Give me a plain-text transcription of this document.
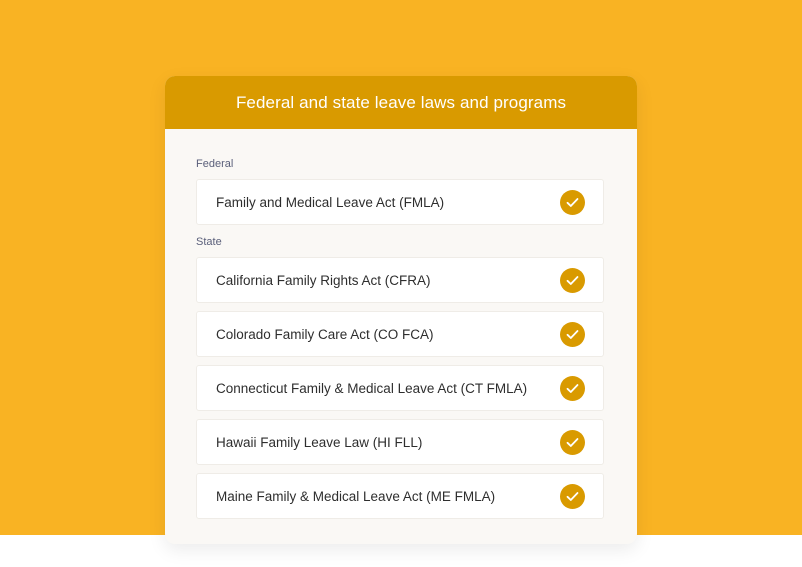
Federal and state leave laws and programs
Federal
Family and Medical Leave Act (FMLA)
State
California Family Rights Act (CFRA)
Colorado Family Care Act (CO FCA)
Connecticut Family & Medical Leave Act (CT FMLA)
Hawaii Family Leave Law (HI FLL)
Maine Family & Medical Leave Act (ME FMLA)
